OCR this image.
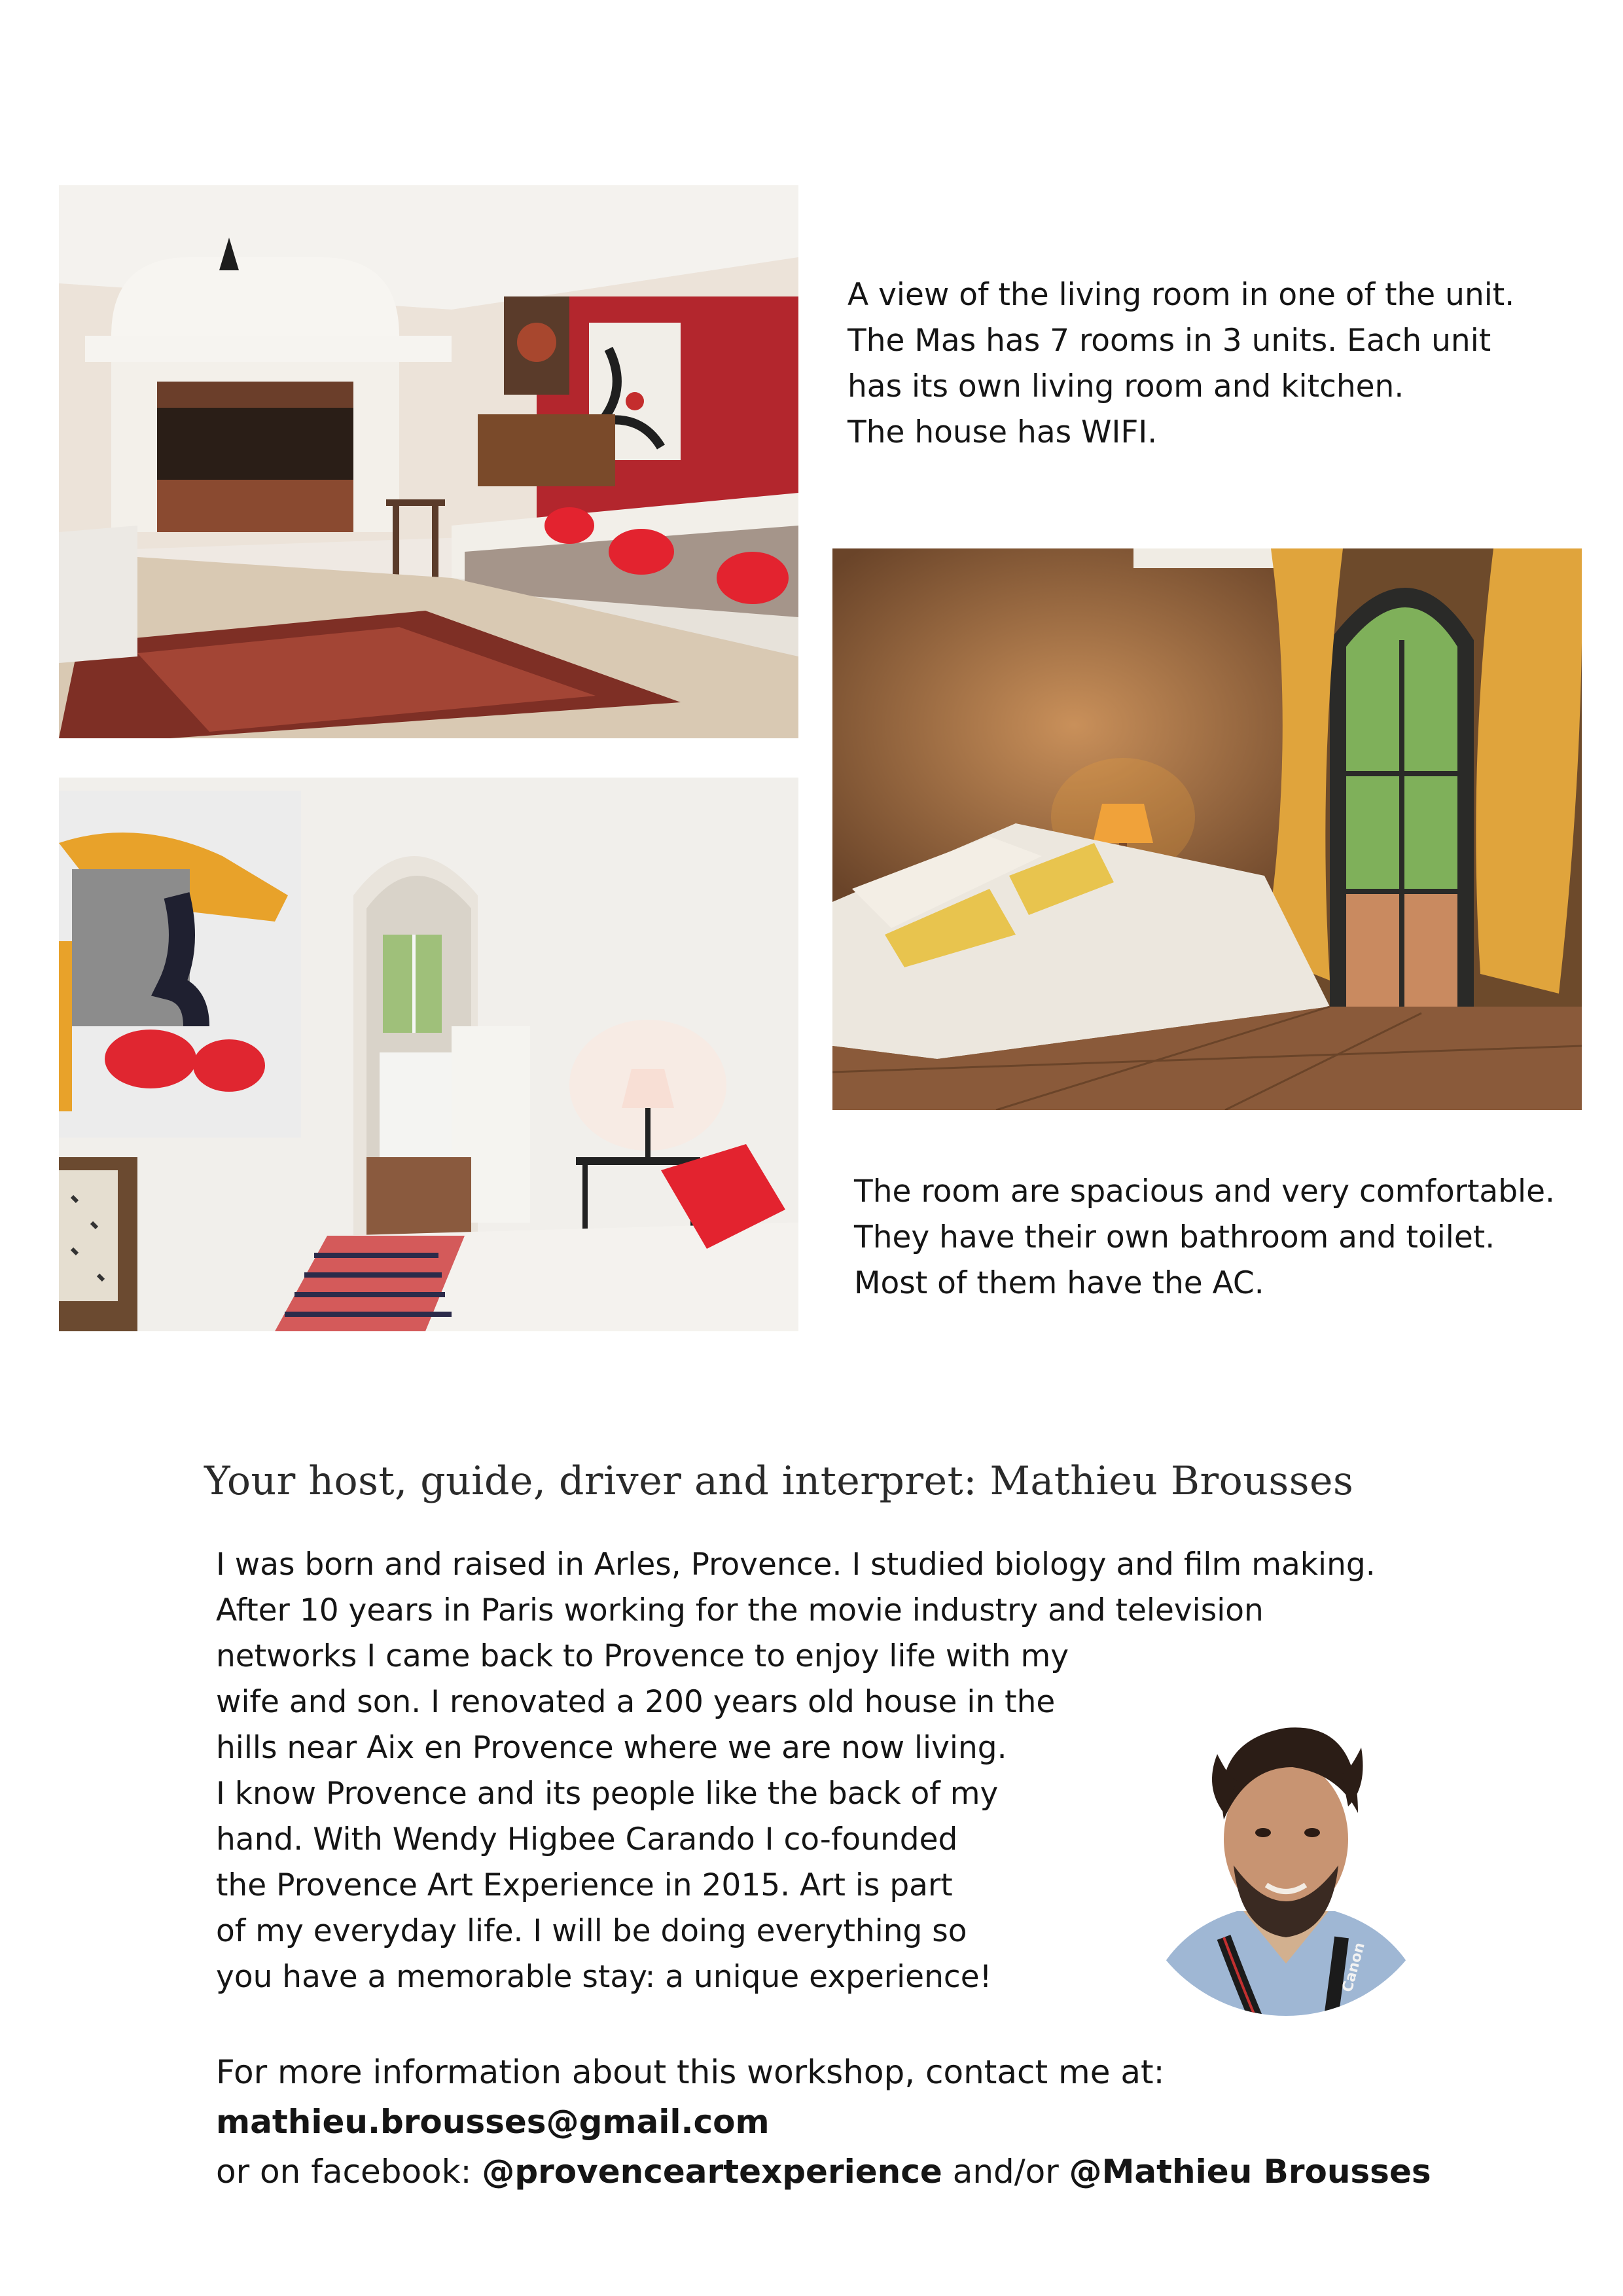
A view of the living room in one of the unit.
The Mas has 7 rooms in 3 units. Each unit
has its own living room and kitchen.
The house has WIFI.
The room are spacious and very comfortable.
They have their own bathroom and toilet.
Most of them have the AC.
Your host, guide, driver and interpret: Mathieu Brousses
I was born and raised in Arles, Provence. I studied biology and film making.
After 10 years in Paris working for the movie industry and television
networks I came back to Provence to enjoy life with my
wife and son. I renovated a 200 years old house in the
hills near Aix en Provence where we are now living.
I know Provence and its people like the back of my
hand. With Wendy Higbee Carando I co-founded
the Provence Art Experience in 2015. Art is part
of my everyday life. I will be doing everything so
you have a memorable stay: a unique experience!	Canon
For more information about this workshop, contact me at:
mathieu.brousses@gmail.com
or on facebook: @provenceartexperience and/or @Mathieu Brousses
